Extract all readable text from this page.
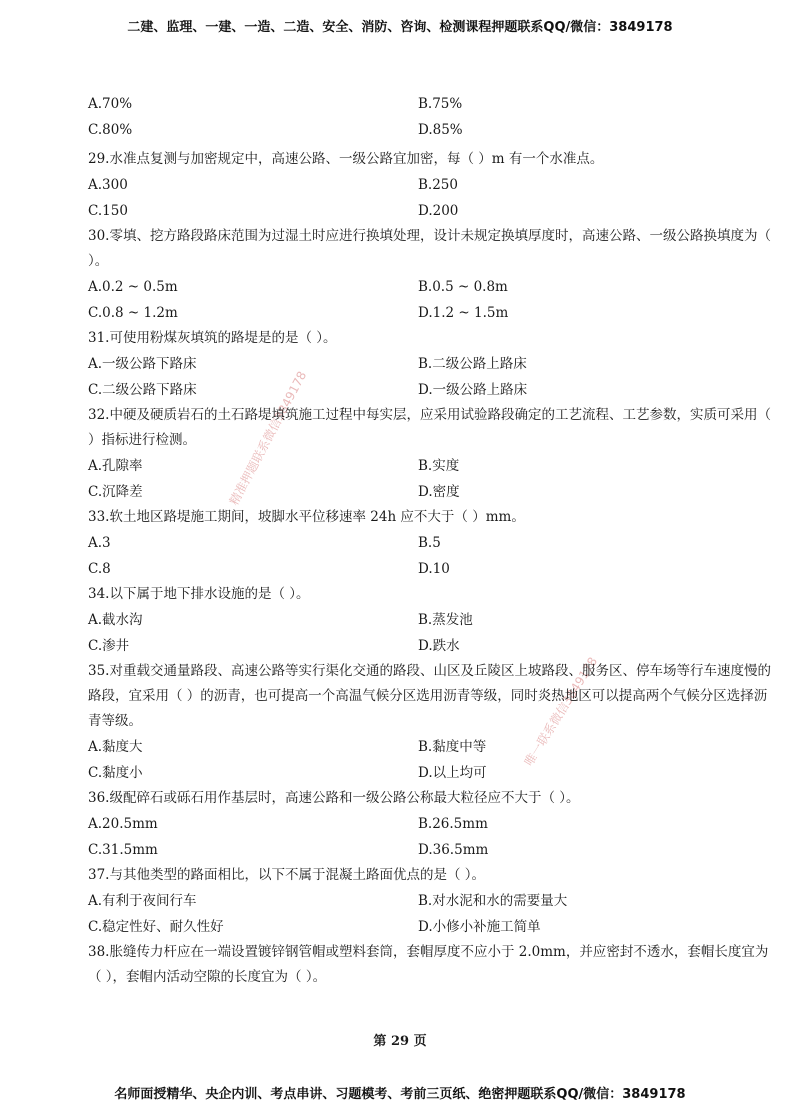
二建、监理、一建、一造、二造、安全、消防、咨询、检测课程押题联系QQ/微信：3849178
精准押题联系微信3849178
唯一联系微信3849178
A.70%	B.75%
C.80%	D.85%

29.水准点复测与加密规定中，高速公路、一级公路宜加密，每（ ）m 有一个水准点。

A.300	B.250
C.150	D.200

30.零填、挖方路段路床范围为过湿土时应进行换填处理，设计未规定换填厚度时，高速公路、一级公路换填度为（ ）。

A.0.2 ~ 0.5m	B.0.5 ~ 0.8m
C.0.8 ~ 1.2m	D.1.2 ~ 1.5m

31.可使用粉煤灰填筑的路堤是的是（ ）。

A.一级公路下路床	B.二级公路上路床
C.二级公路下路床	D.一级公路上路床

32.中硬及硬质岩石的土石路堤填筑施工过程中每实层，应采用试验路段确定的工艺流程、工艺参数，实质可采用（ ）指标进行检测。

A.孔隙率	B.实度
C.沉降差	D.密度

33.软土地区路堤施工期间，坡脚水平位移速率 24h 应不大于（ ）mm。

A.3	B.5
C.8	D.10

34.以下属于地下排水设施的是（ ）。

A.截水沟	B.蒸发池
C.渗井	D.跌水

35.对重载交通量路段、高速公路等实行渠化交通的路段、山区及丘陵区上坡路段、服务区、停车场等行车速度慢的路段，宜采用（ ）的沥青，也可提高一个高温气候分区选用沥青等级，同时炎热地区可以提高两个气候分区选择沥青等级。

A.黏度大	B.黏度中等
C.黏度小	D.以上均可

36.级配碎石或砾石用作基层时，高速公路和一级公路公称最大粒径应不大于（ ）。

A.20.5mm	B.26.5mm
C.31.5mm	D.36.5mm

37.与其他类型的路面相比，以下不属于混凝土路面优点的是（ ）。

A.有利于夜间行车	B.对水泥和水的需要量大
C.稳定性好、耐久性好	D.小修小补施工简单

38.胀缝传力杆应在一端设置镀锌钢管帽或塑料套筒，套帽厚度不应小于 2.0mm，并应密封不透水，套帽长度宜为（ ），套帽内活动空隙的长度宜为（ ）。

第 29 页
名师面授精华、央企内训、考点串讲、习题模考、考前三页纸、绝密押题联系QQ/微信：3849178
